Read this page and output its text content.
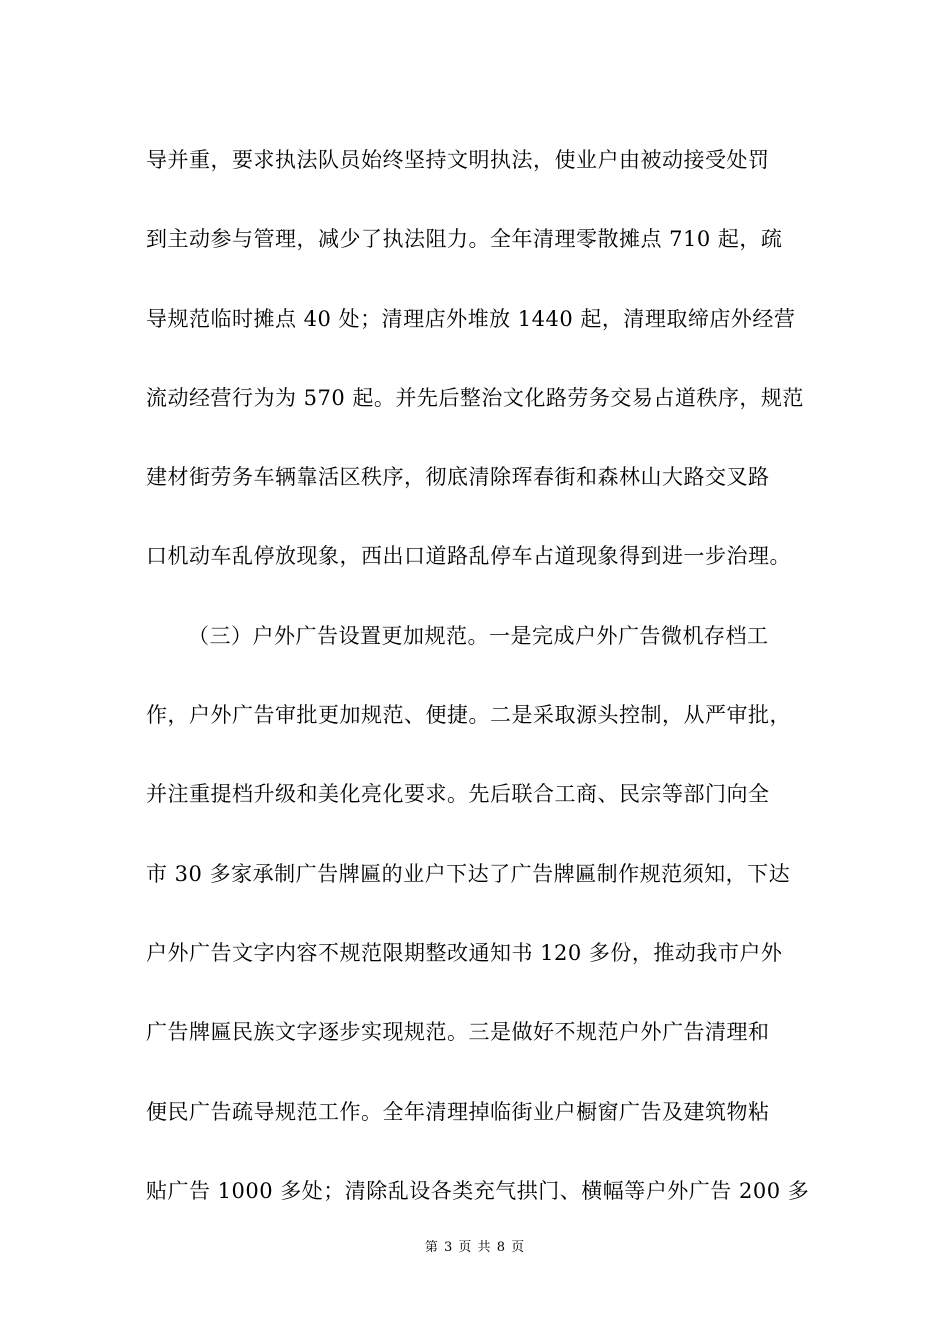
导并重，要求执法队员始终坚持文明执法，使业户由被动接受处罚
到主动参与管理，减少了执法阻力。全年清理零散摊点 710 起，疏
导规范临时摊点 40 处；清理店外堆放 1440 起，清理取缔店外经营
流动经营行为为 570 起。并先后整治文化路劳务交易占道秩序，规范
建材街劳务车辆靠活区秩序，彻底清除珲春街和森林山大路交叉路
口机动车乱停放现象，西出口道路乱停车占道现象得到进一步治理。
（三）户外广告设置更加规范。一是完成户外广告微机存档工
作，户外广告审批更加规范、便捷。二是采取源头控制，从严审批，
并注重提档升级和美化亮化要求。先后联合工商、民宗等部门向全
市 30 多家承制广告牌匾的业户下达了广告牌匾制作规范须知，下达
户外广告文字内容不规范限期整改通知书 120 多份，推动我市户外
广告牌匾民族文字逐步实现规范。三是做好不规范户外广告清理和
便民广告疏导规范工作。全年清理掉临街业户橱窗广告及建筑物粘
贴广告 1000 多处；清除乱设各类充气拱门、横幅等户外广告 200 多
第 3 页 共 8 页
